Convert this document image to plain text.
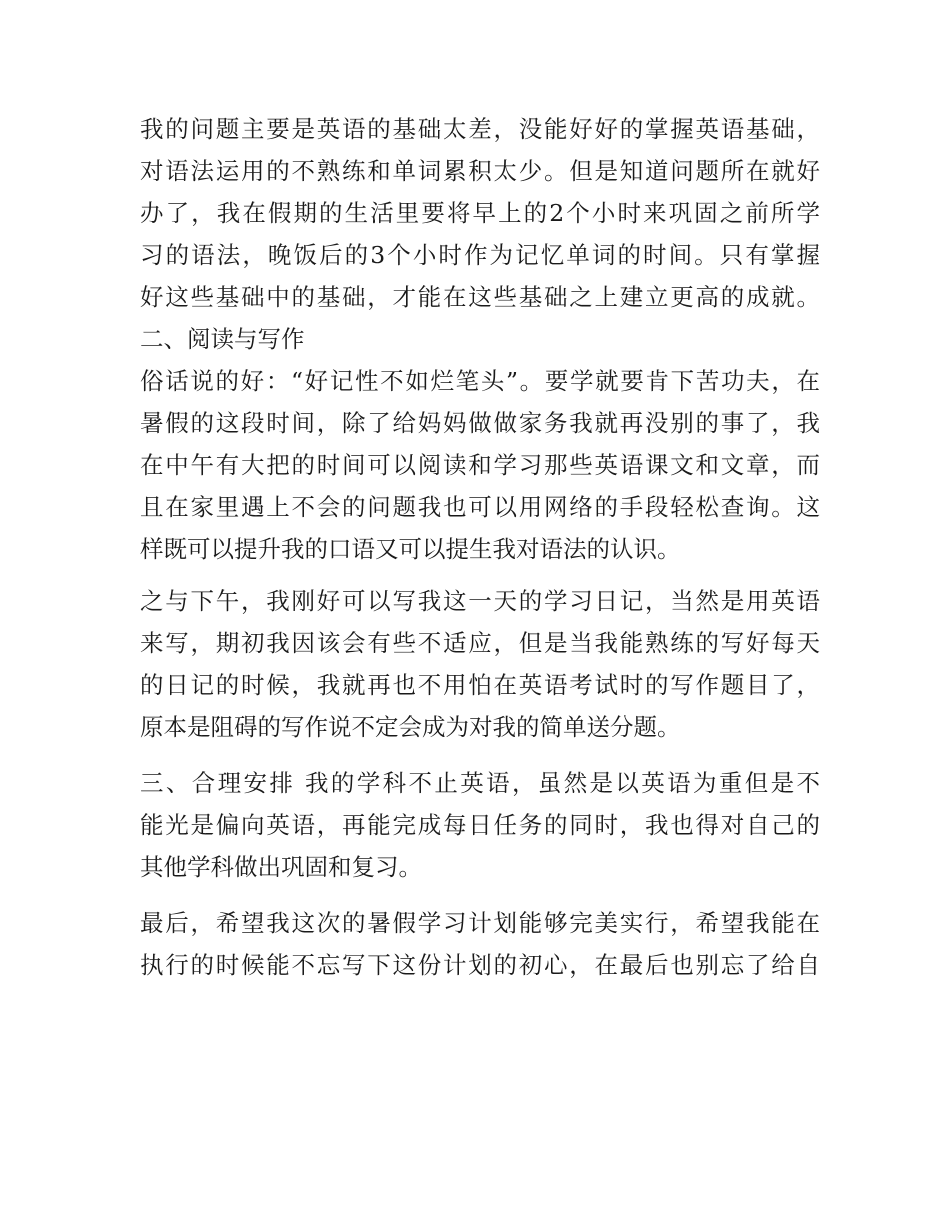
我的问题主要是英语的基础太差，没能好好的掌握英语基础，
对语法运用的不熟练和单词累积太少。但是知道问题所在就好
办了，我在假期的生活里要将早上的2个小时来巩固之前所学
习的语法，晚饭后的3个小时作为记忆单词的时间。只有掌握
好这些基础中的基础，才能在这些基础之上建立更高的成就。
二、阅读与写作
俗话说的好：“好记性不如烂笔头”。要学就要肯下苦功夫，在
暑假的这段时间，除了给妈妈做做家务我就再没别的事了，我
在中午有大把的时间可以阅读和学习那些英语课文和文章，而
且在家里遇上不会的问题我也可以用网络的手段轻松查询。这
样既可以提升我的口语又可以提生我对语法的认识。
之与下午，我刚好可以写我这一天的学习日记，当然是用英语
来写，期初我因该会有些不适应，但是当我能熟练的写好每天
的日记的时候，我就再也不用怕在英语考试时的写作题目了，
原本是阻碍的写作说不定会成为对我的简单送分题。
三、合理安排 我的学科不止英语，虽然是以英语为重但是不
能光是偏向英语，再能完成每日任务的同时，我也得对自己的
其他学科做出巩固和复习。
最后，希望我这次的暑假学习计划能够完美实行，希望我能在
执行的时候能不忘写下这份计划的初心，在最后也别忘了给自
